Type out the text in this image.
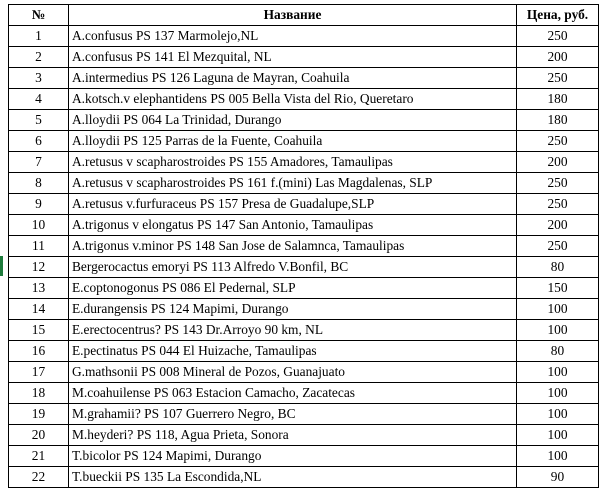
№	Название	Цена, руб.
1	A.confusus PS 137 Marmolejo,NL	250
2	A.confusus PS 141 El Mezquital, NL	200
3	A.intermedius PS 126 Laguna de Mayran, Coahuila	250
4	A.kotsch.v elephantidens PS 005 Bella Vista del Rio, Queretaro	180
5	A.lloydii PS 064 La Trinidad, Durango	180
6	A.lloydii PS 125 Parras de la Fuente, Coahuila	250
7	A.retusus v scapharostroides PS 155 Amadores, Tamaulipas	200
8	A.retusus v scapharostroides PS 161 f.(mini) Las Magdalenas, SLP	250
9	A.retusus v.furfuraceus PS 157 Presa de Guadalupe,SLP	250
10	A.trigonus v elongatus PS 147 San Antonio, Tamaulipas	200
11	A.trigonus v.minor PS 148 San Jose de Salamnca, Tamaulipas	250
12	Bergerocactus emoryi PS 113 Alfredo V.Bonfil, BC	80
13	E.coptonogonus PS 086 El Pedernal, SLP	150
14	E.durangensis PS 124 Mapimi, Durango	100
15	E.erectocentrus? PS 143 Dr.Arroyo 90 km, NL	100
16	E.pectinatus PS 044 El Huizache, Tamaulipas	80
17	G.mathsonii PS 008 Mineral de Pozos, Guanajuato	100
18	M.coahuilense PS 063 Estacion Camacho, Zacatecas	100
19	M.grahamii? PS 107 Guerrero Negro, BC	100
20	M.heyderi? PS 118, Agua Prieta, Sonora	100
21	T.bicolor PS 124 Mapimi, Durango	100
22	T.bueckii PS 135 La Escondida,NL	90
